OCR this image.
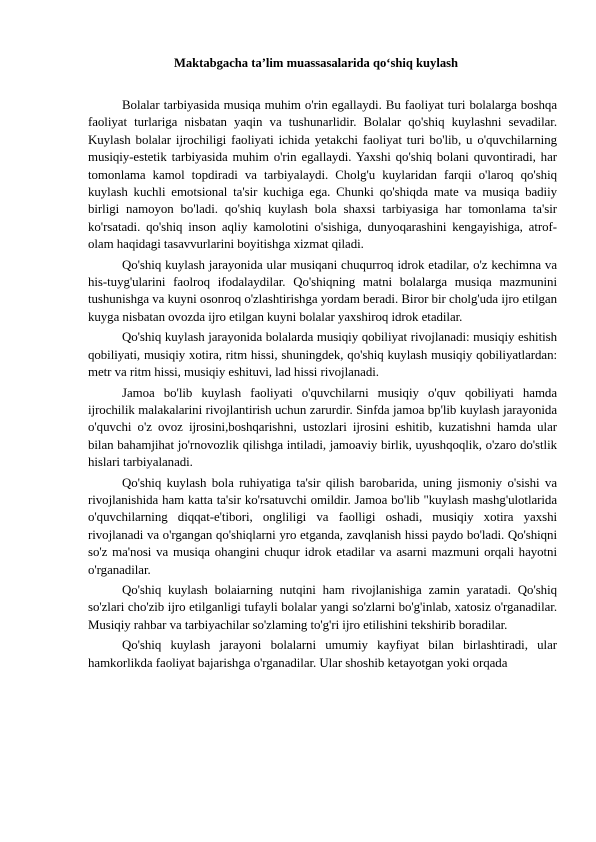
Maktabgacha ta’lim muassasalarida qo‘shiq kuylash

Bolalar tarbiyasida musiqa muhim o'rin egallaydi. Bu faoliyat turi bolalarga boshqa faoliyat turlariga nisbatan yaqin va tushunarlidir. Bolalar qo'shiq kuylashni sevadilar. Kuylash bolalar ijrochiligi faoliyati ichida yetakchi faoliyat turi bo'lib, u o'quvchilarning musiqiy-estetik tarbiyasida muhim o'rin egallaydi. Yaxshi qo'shiq bolani quvontiradi, har tomonlama kamol topdiradi va tarbiyalaydi. Cholg'u kuylaridan farqii o'laroq qo'shiq kuylash kuchli emotsional ta'sir kuchiga ega. Chunki qo'shiqda mate va musiqa badiiy birligi namoyon bo'ladi. qo'shiq kuylash bola shaxsi tarbiyasiga har tomonlama ta'sir ko'rsatadi. qo'shiq inson aqliy kamolotini o'sishiga, dunyoqarashini kengayishiga, atrof-olam haqidagi tasavvurlarini boyitishga xizmat qiladi.

Qo'shiq kuylash jarayonida ular musiqani chuqurroq idrok etadilar, o'z kechimna va his-tuyg'ularini faolroq ifodalaydilar. Qo'shiqning matni bolalarga musiqa mazmunini tushunishga va kuyni osonroq o'zlashtirishga yordam beradi. Biror bir cholg'uda ijro etilgan kuyga nisbatan ovozda ijro etilgan kuyni bolalar yaxshiroq idrok etadilar.

Qo'shiq kuylash jarayonida bolalarda musiqiy qobiliyat rivojlanadi: musiqiy eshitish qobiliyati, musiqiy xotira, ritm hissi, shuningdek, qo'shiq kuylash musiqiy qobiliyatlardan: metr va ritm hissi, musiqiy eshituvi, lad hissi rivojlanadi.

Jamoa bo'lib kuylash faoliyati o'quvchilarni musiqiy o'quv qobiliyati hamda ijrochilik malakalarini rivojlantirish uchun zarurdir. Sinfda jamoa bp'lib kuylash jarayonida o'quvchi o'z ovoz ijrosini,boshqarishni, ustozlari ijrosini eshitib, kuzatishni hamda ular bilan bahamjihat jo'rnovozlik qilishga intiladi, jamoaviy birlik, uyushqoqlik, o'zaro do'stlik hislari tarbiyalanadi.

Qo'shiq kuylash bola ruhiyatiga ta'sir qilish barobarida, uning jismoniy o'sishi va rivojlanishida ham katta ta'sir ko'rsatuvchi omildir. Jamoa bo'lib "kuylash mashg'ulotlarida o'quvchilarning diqqat-e'tibori, ongliligi va faolligi oshadi, musiqiy xotira yaxshi rivojlanadi va o'rgangan qo'shiqlarni yro etganda, zavqlanish hissi paydo bo'ladi. Qo'shiqni so'z ma'nosi va musiqa ohangini chuqur idrok etadilar va asarni mazmuni orqali hayotni o'rganadilar.

Qo'shiq kuylash bolaiarning nutqini ham rivojlanishiga zamin yaratadi. Qo'shiq so'zlari cho'zib ijro etilganligi tufayli bolalar yangi so'zlarni bo'g'inlab, xatosiz o'rganadilar. Musiqiy rahbar va tarbiyachilar so'zlaming to'g'ri ijro etilishini tekshirib boradilar.

Qo'shiq kuylash jarayoni bolalarni umumiy kayfiyat bilan birlashtiradi, ular hamkorlikda faoliyat bajarishga o'rganadilar. Ular shoshib ketayotgan yoki orqada
